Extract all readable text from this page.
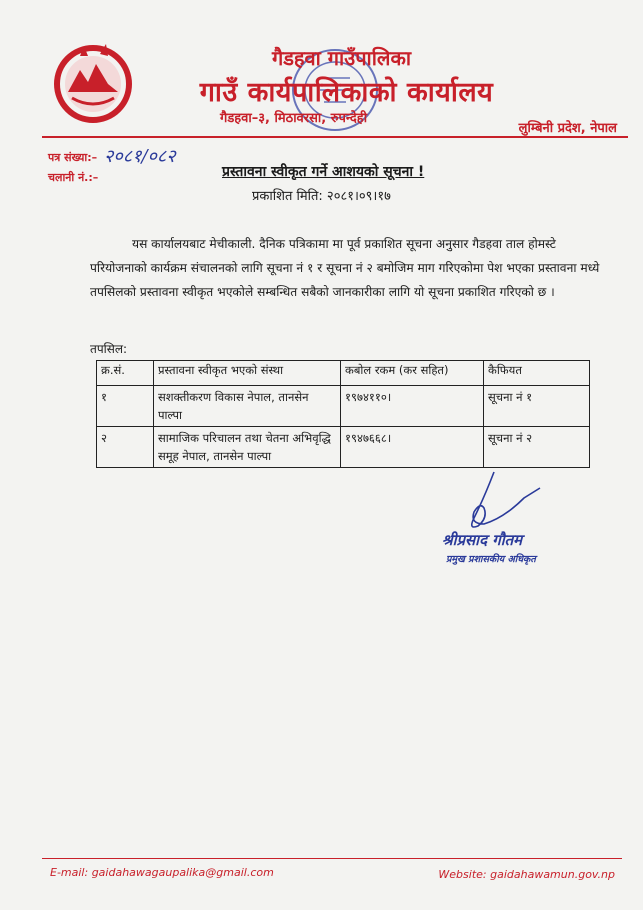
गैडहवा गाउँपालिका
गाउँ कार्यपालिकाको कार्यालय
गैडहवा–३, मिठावरसा, रुपन्देही
लुम्बिनी प्रदेश, नेपाल
पत्र संख्या:– २०८१/०८२
चलानी नं.:–	प्रस्तावना स्वीकृत गर्ने आशयको सूचना !
प्रकाशित मिति: २०८१।०९।१७
यस कार्यालयबाट मेचीकाली. दैनिक पत्रिकामा मा पूर्व प्रकाशित सूचना अनुसार गैडहवा ताल होमस्टे परियोजनाको कार्यक्रम संचालनको लागि सूचना नं १ र सूचना नं २ बमोजिम माग गरिएकोमा पेश भएका प्रस्तावना मध्ये तपसिलको प्रस्तावना स्वीकृत भएकोले सम्बन्धित सबैको जानकारीका लागि यो सूचना प्रकाशित गरिएको छ ।
तपसिल:
क्र.सं.	प्रस्तावना स्वीकृत भएको संस्था	कबोल रकम (कर सहित)	कैफियत
१	सशक्तीकरण विकास नेपाल, तानसेन पाल्पा	१९७४११०।	सूचना नं १
२	सामाजिक परिचालन तथा चेतना अभिवृद्धि समूह नेपाल, तानसेन पाल्पा	१९४७६६८।	सूचना नं २
श्रीप्रसाद गौतम
प्रमुख प्रशासकीय अधिकृत
E-mail: gaidahawagaupalika@gmail.com	Website: gaidahawamun.gov.np
